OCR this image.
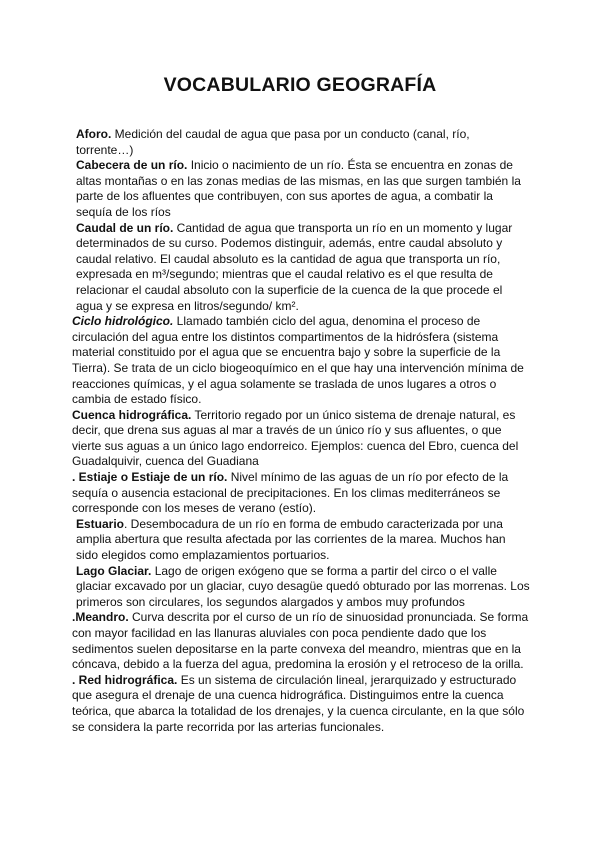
VOCABULARIO GEOGRAFÍA

Aforo. Medición del caudal de agua que pasa por un conducto (canal, río, torrente…)

Cabecera de un río. Inicio o nacimiento de un río. Ésta se encuentra en zonas de altas montañas o en las zonas medias de las mismas, en las que surgen también la parte de los afluentes que contribuyen, con sus aportes de agua, a combatir la sequía de los ríos

Caudal de un río. Cantidad de agua que transporta un río en un momento y lugar determinados de su curso. Podemos distinguir, además, entre caudal absoluto y caudal relativo. El caudal absoluto es la cantidad de agua que transporta un río, expresada en m³/segundo; mientras que el caudal relativo es el que resulta de relacionar el caudal absoluto con la superficie de la cuenca de la que procede el agua y se expresa en litros/segundo/ km².

Ciclo hidrológico. Llamado también ciclo del agua, denomina el proceso de circulación del agua entre los distintos compartimentos de la hidrósfera (sistema material constituido por el agua que se encuentra bajo y sobre la superficie de la Tierra). Se trata de un ciclo biogeoquímico en el que hay una intervención mínima de reacciones químicas, y el agua solamente se traslada de unos lugares a otros o cambia de estado físico.

Cuenca hidrográfica. Territorio regado por un único sistema de drenaje natural, es decir, que drena sus aguas al mar a través de un único río y sus afluentes, o que vierte sus aguas a un único lago endorreico. Ejemplos: cuenca del Ebro, cuenca del Guadalquivir, cuenca del Guadiana

. Estiaje o Estiaje de un río. Nivel mínimo de las aguas de un río por efecto de la sequía o ausencia estacional de precipitaciones. En los climas mediterráneos se corresponde con los meses de verano (estío).

Estuario. Desembocadura de un río en forma de embudo caracterizada por una amplia abertura que resulta afectada por las corrientes de la marea. Muchos han sido elegidos como emplazamientos portuarios.

Lago Glaciar. Lago de origen exógeno que se forma a partir del circo o el valle glaciar excavado por un glaciar, cuyo desagüe quedó obturado por las morrenas. Los primeros son circulares, los segundos alargados y ambos muy profundos

.Meandro. Curva descrita por el curso de un río de sinuosidad pronunciada. Se forma con mayor facilidad en las llanuras aluviales con poca pendiente dado que los sedimentos suelen depositarse en la parte convexa del meandro, mientras que en la cóncava, debido a la fuerza del agua, predomina la erosión y el retroceso de la orilla.

. Red hidrográfica. Es un sistema de circulación lineal, jerarquizado y estructurado que asegura el drenaje de una cuenca hidrográfica. Distinguimos entre la cuenca teórica, que abarca la totalidad de los drenajes, y la cuenca circulante, en la que sólo se considera la parte recorrida por las arterias funcionales.
